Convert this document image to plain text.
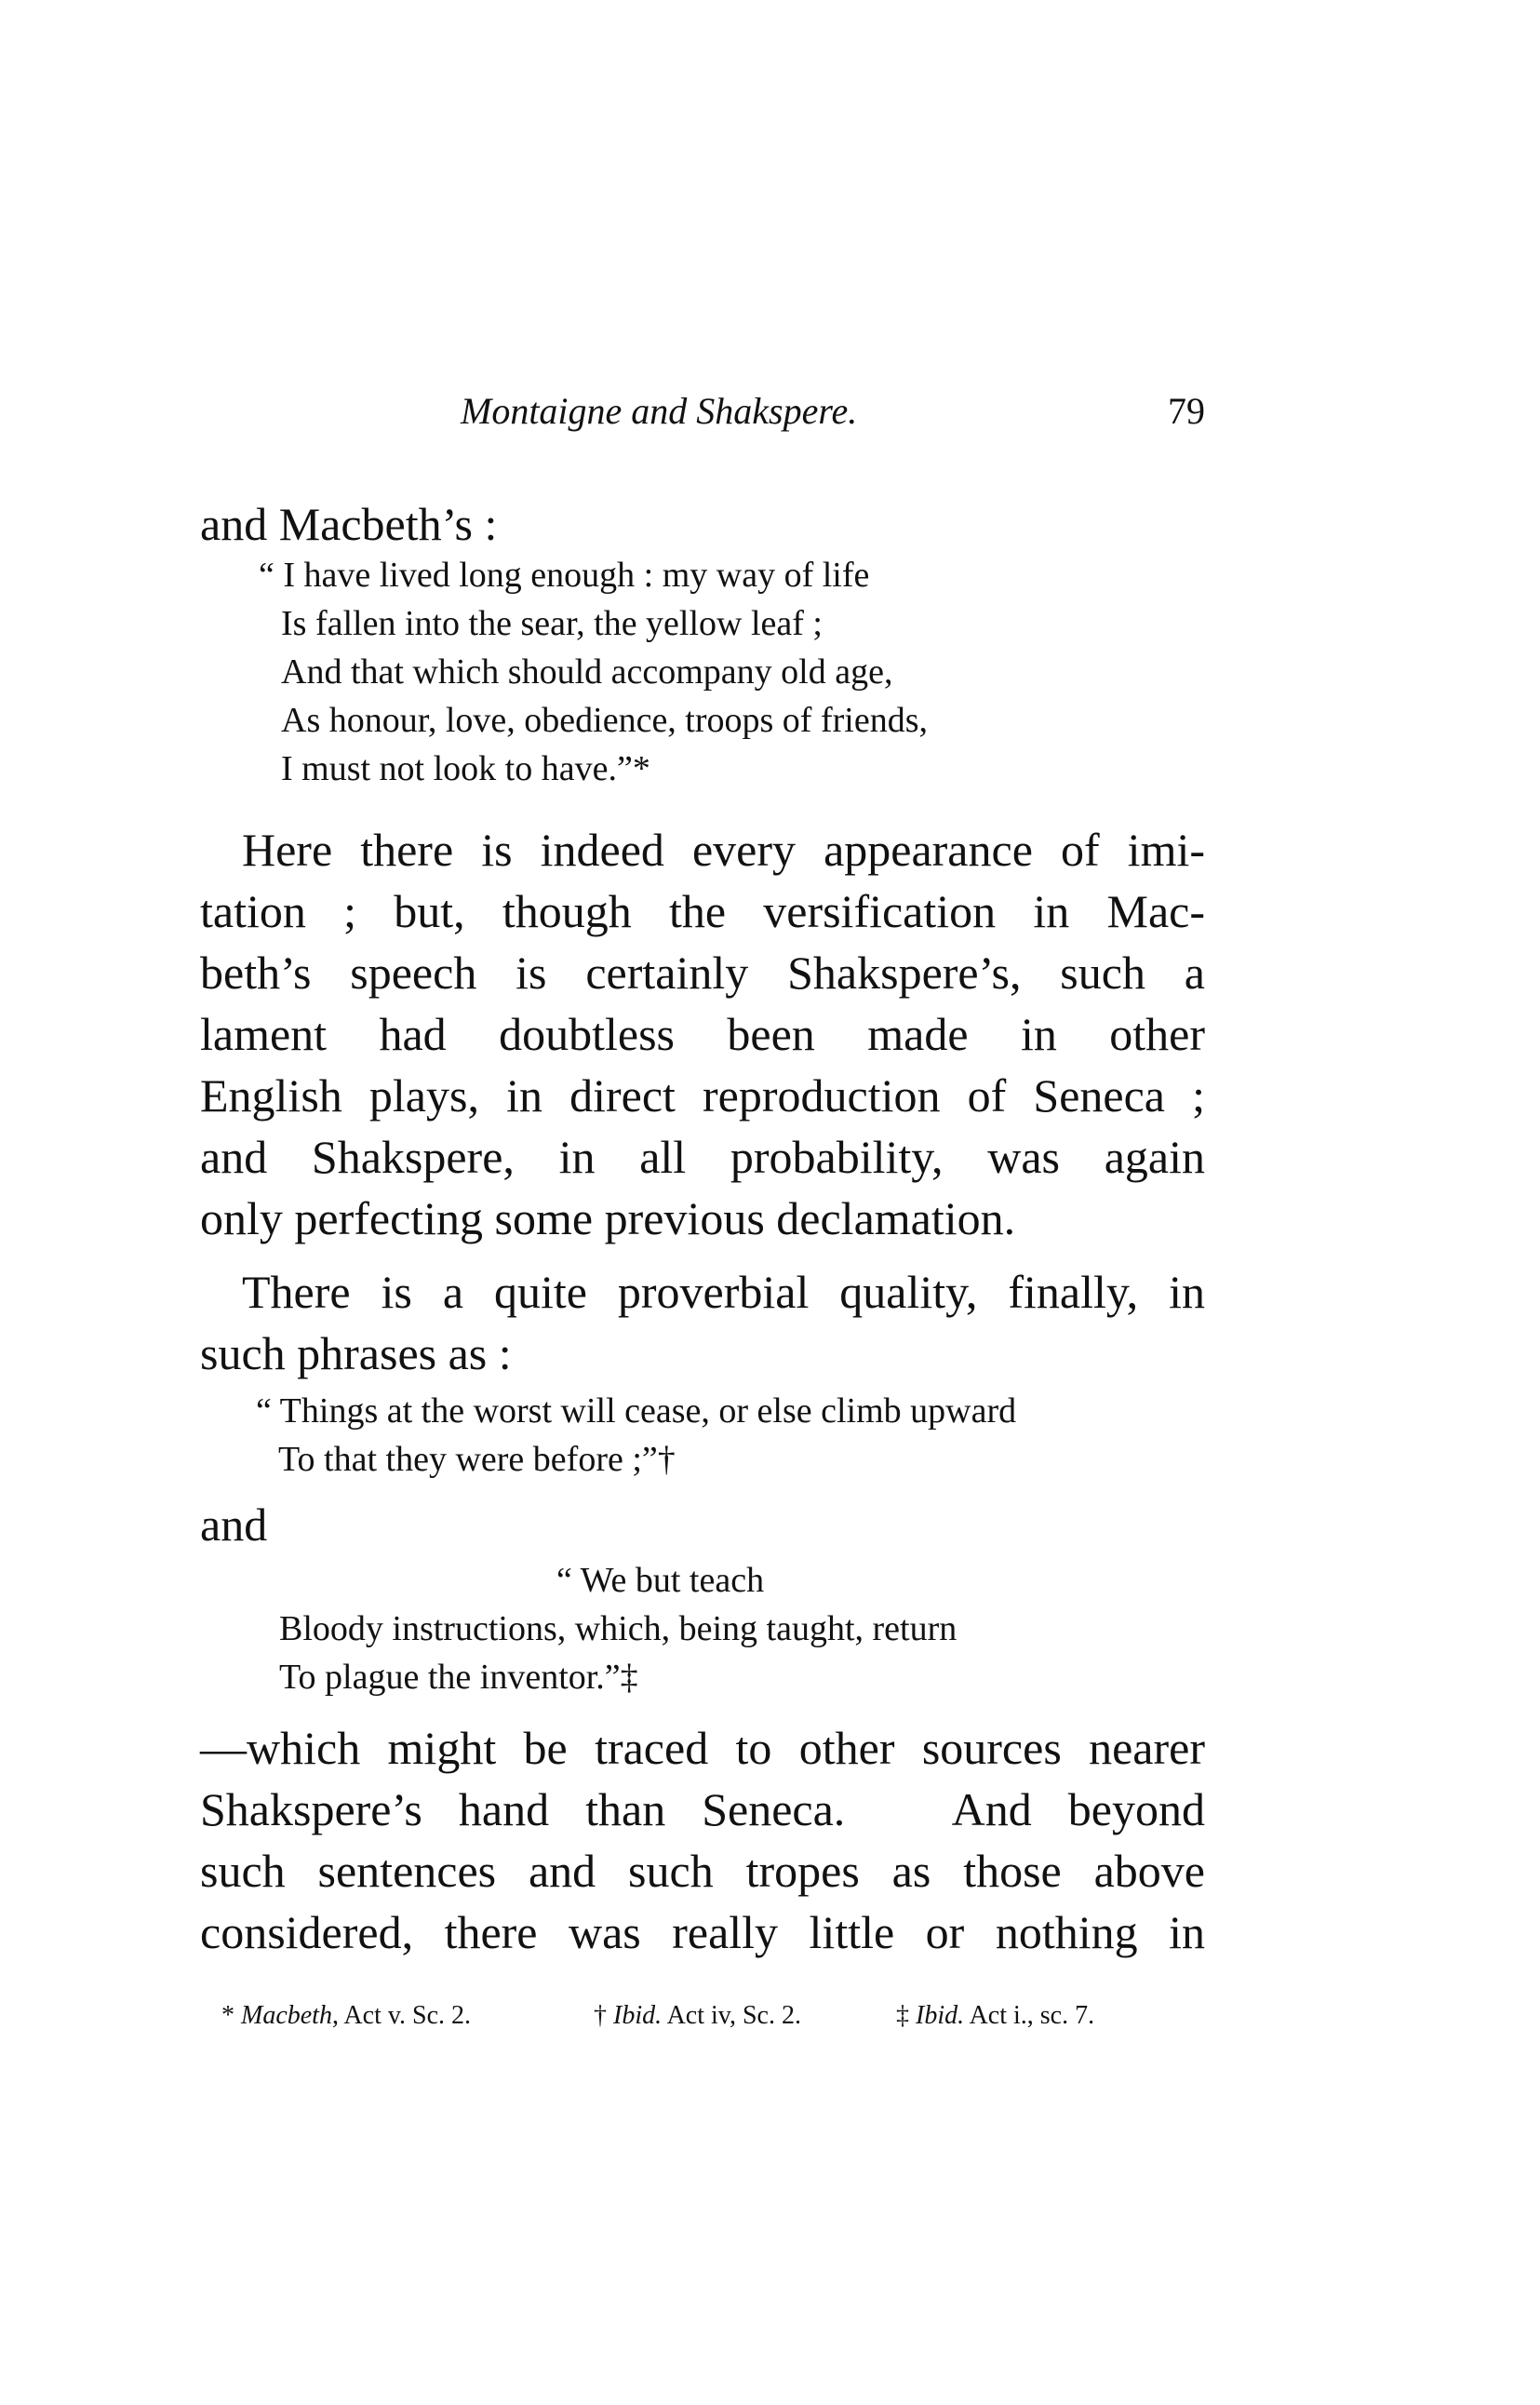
Montaigne and Shakspere.	79
and Macbeth’s :
“ I have lived long enough : my way of life
Is fallen into the sear, the yellow leaf ;
And that which should accompany old age,
As honour, love, obedience, troops of friends,
I must not look to have.”*
Here there is indeed every appearance of imi-
tation ; but, though the versification in Mac-
beth’s speech is certainly Shakspere’s, such a
lament had doubtless been made in other
English plays, in direct reproduction of Seneca ;
and Shakspere, in all probability, was again
only perfecting some previous declamation.
There is a quite proverbial quality, finally, in
such phrases as :
“ Things at the worst will cease, or else climb upward
To that they were before ;”†
and
“ We but teach
Bloody instructions, which, being taught, return
To plague the inventor.”‡
—which might be traced to other sources nearer
Shakspere’s hand than Seneca.   And beyond
such sentences and such tropes as those above
considered, there was really little or nothing in
* Macbeth, Act v. Sc. 2.	† Ibid. Act iv, Sc. 2.	‡ Ibid. Act i., sc. 7.
